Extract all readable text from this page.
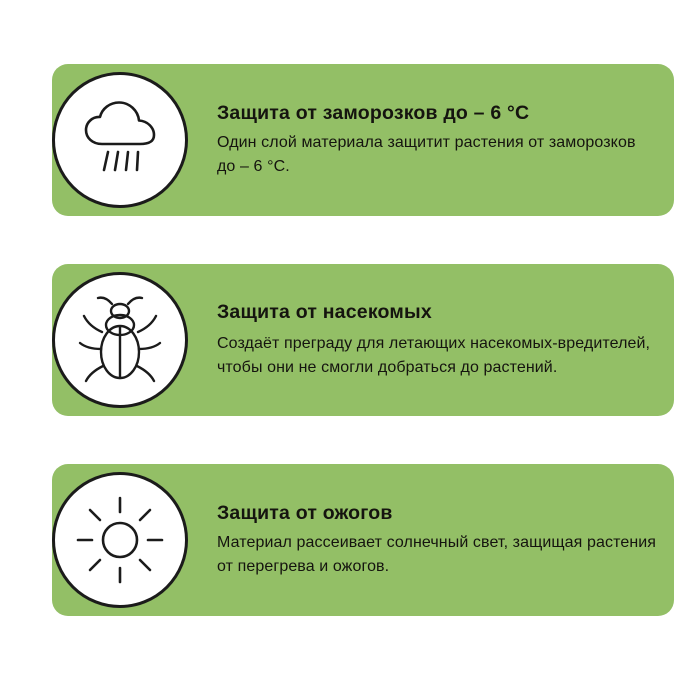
Защита от заморозков до – 6 °С
Один слой материала защитит растения от заморозков до – 6 °С.
Защита от насекомых
Создаёт преграду для летающих насекомых-вредителей, чтобы они не смогли добраться до растений.
Защита от ожогов
Материал рассеивает солнечный свет, защищая растения от перегрева и ожогов.
